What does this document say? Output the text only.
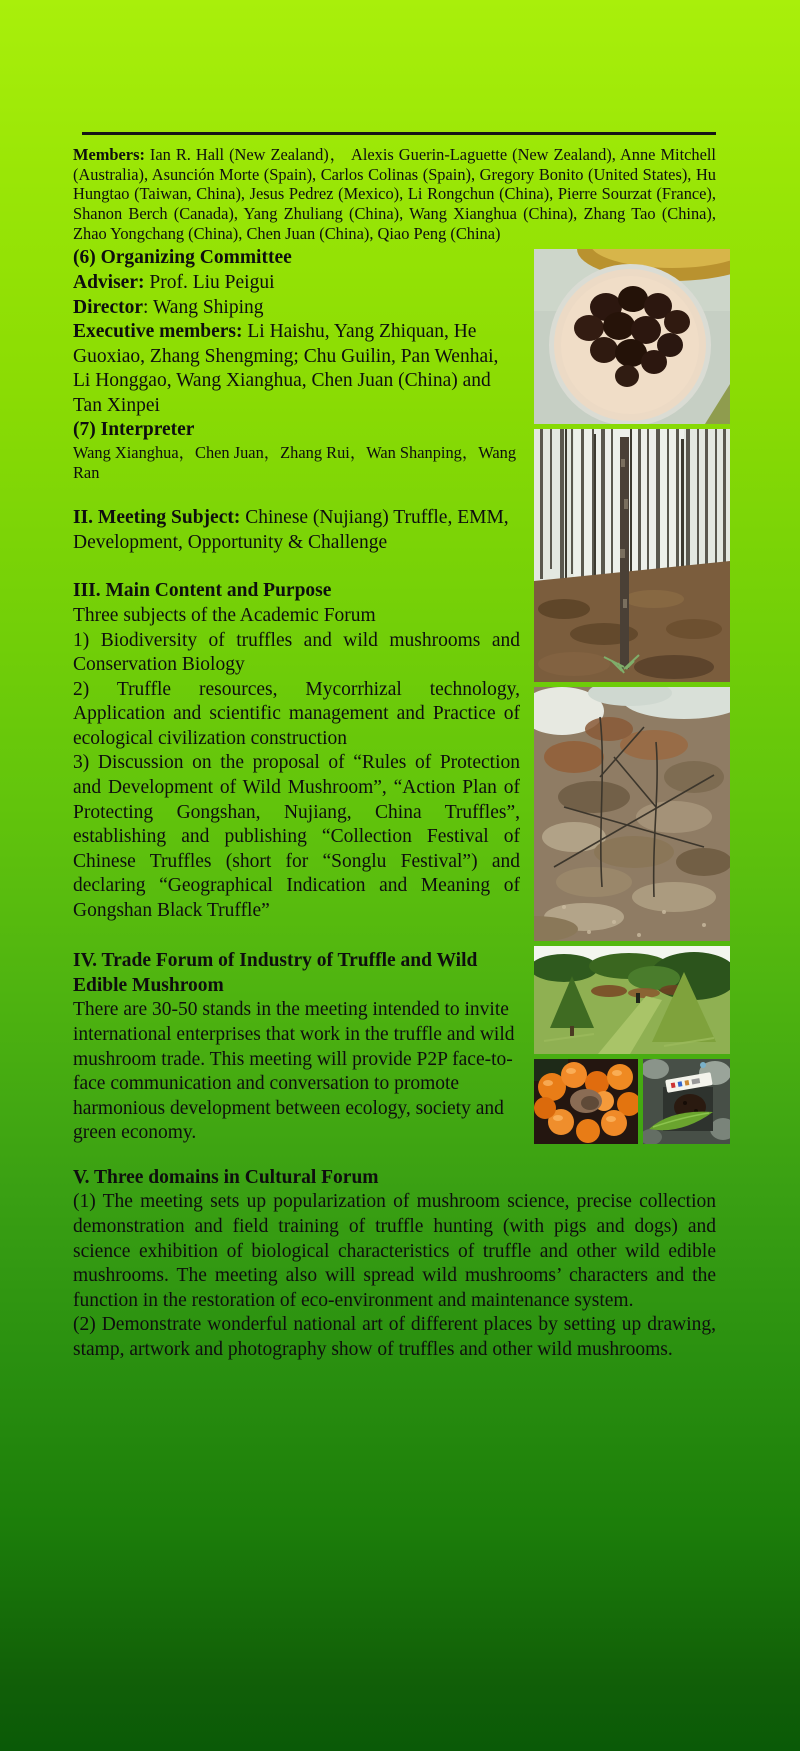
Members: Ian R. Hall (New Zealand)， Alexis Guerin-Laguette (New Zealand), Anne Mitchell (Australia), Asunción Morte (Spain), Carlos Colinas (Spain), Gregory Bonito (United States), Hu Hungtao (Taiwan, China), Jesus Pedrez (Mexico), Li Rongchun (China), Pierre Sourzat (France), Shanon Berch (Canada), Yang Zhuliang (China), Wang Xianghua (China), Zhang Tao (China), Zhao Yongchang (China), Chen Juan (China), Qiao Peng (China)

(6) Organizing Committee

Adviser: Prof. Liu Peigui

Director: Wang Shiping

Executive members: Li Haishu, Yang Zhiquan, He Guoxiao, Zhang Shengming; Chu Guilin, Pan Wenhai, Li Honggao, Wang Xianghua, Chen Juan (China) and Tan Xinpei

(7) Interpreter

Wang Xianghua，Chen Juan，Zhang Rui，Wan Shanping，Wang Ran

II. Meeting Subject: Chinese (Nujiang) Truffle, EMM, Development, Opportunity & Challenge

III. Main Content and Purpose

Three subjects of the Academic Forum

1) Biodiversity of truffles and wild mushrooms and Conservation Biology

2) Truffle resources, Mycorrhizal technology, Application and scientific management and Practice of ecological civilization construction

3) Discussion on the proposal of “Rules of Protection and Development of Wild Mushroom”, “Action Plan of Protecting Gongshan, Nujiang, China Truffles”, establishing and publishing “Collection Festival of Chinese Truffles (short for “Songlu Festival”) and declaring “Geographical Indication and Meaning of Gongshan Black Truffle”

IV. Trade Forum of Industry of Truffle and Wild Edible Mushroom

There are 30-50 stands in the meeting intended to invite international enterprises that work in the truffle and wild mushroom trade. This meeting will provide P2P face-to-face communication and conversation to promote harmonious development between ecology, society and green economy.

V. Three domains in Cultural Forum

(1) The meeting sets up popularization of mushroom science, precise collection demonstration and field training of truffle hunting (with pigs and dogs) and science exhibition of biological characteristics of truffle and other wild edible mushrooms. The meeting also will spread wild mushrooms’ characters and the function in the restoration of eco-environment and maintenance system.

(2) Demonstrate wonderful national art of different places by setting up drawing, stamp, artwork and photography show of truffles and other wild mushrooms.
